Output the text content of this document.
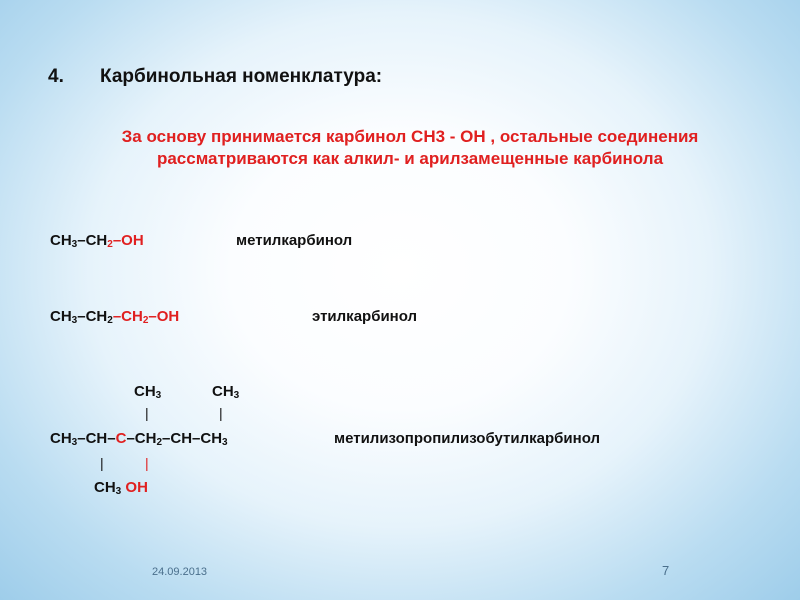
4. Карбинольная номенклатура:
За основу принимается карбинол СН3 - ОН , остальные соединения
рассматриваются как алкил- и арилзамещенные карбинола
$СН_3-СН_2-ОН$	метилкарбинол
$СН_3-СН_2-СН_2-ОН$	этилкарбинол
$СН_3$	$СН_3$
|	|
$СН_3-СН-С-СН_2-СН-СН_3$	метилизопропилизобутилкарбинол
|	|
$СН_3$ ОН
24.09.2013	7
